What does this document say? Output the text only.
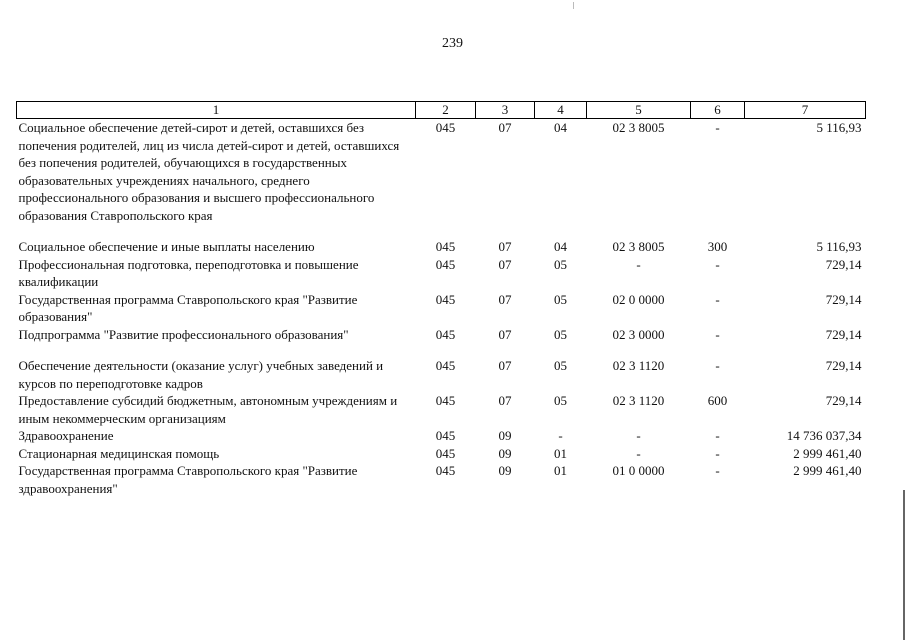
239
1	2	3	4	5	6	7
Социальное обеспечение детей-сирот и детей, оставшихся без попечения родителей, лиц из числа детей-сирот и детей, оставшихся без попечения родителей, обучающихся в государственных образовательных учреждениях начального, среднего профессионального образования и высшего профессионального образования Ставропольского края	045	07	04	02 3 8005	-	5 116,93
Социальное обеспечение и иные выплаты населению	045	07	04	02 3 8005	300	5 116,93
Профессиональная подготовка, переподготовка и повышение квалификации	045	07	05	-	-	729,14
Государственная программа Ставропольского края "Развитие образования"	045	07	05	02 0 0000	-	729,14
Подпрограмма "Развитие профессионального образования"	045	07	05	02 3 0000	-	729,14
Обеспечение деятельности (оказание услуг) учебных заведений и курсов по переподготовке кадров	045	07	05	02 3 1120	-	729,14
Предоставление субсидий бюджетным, автономным учреждениям и иным некоммерческим организациям	045	07	05	02 3 1120	600	729,14
Здравоохранение	045	09	-	-	-	14 736 037,34
Стационарная медицинская помощь	045	09	01	-	-	2 999 461,40
Государственная программа Ставропольского края "Развитие здравоохранения"	045	09	01	01 0 0000	-	2 999 461,40
